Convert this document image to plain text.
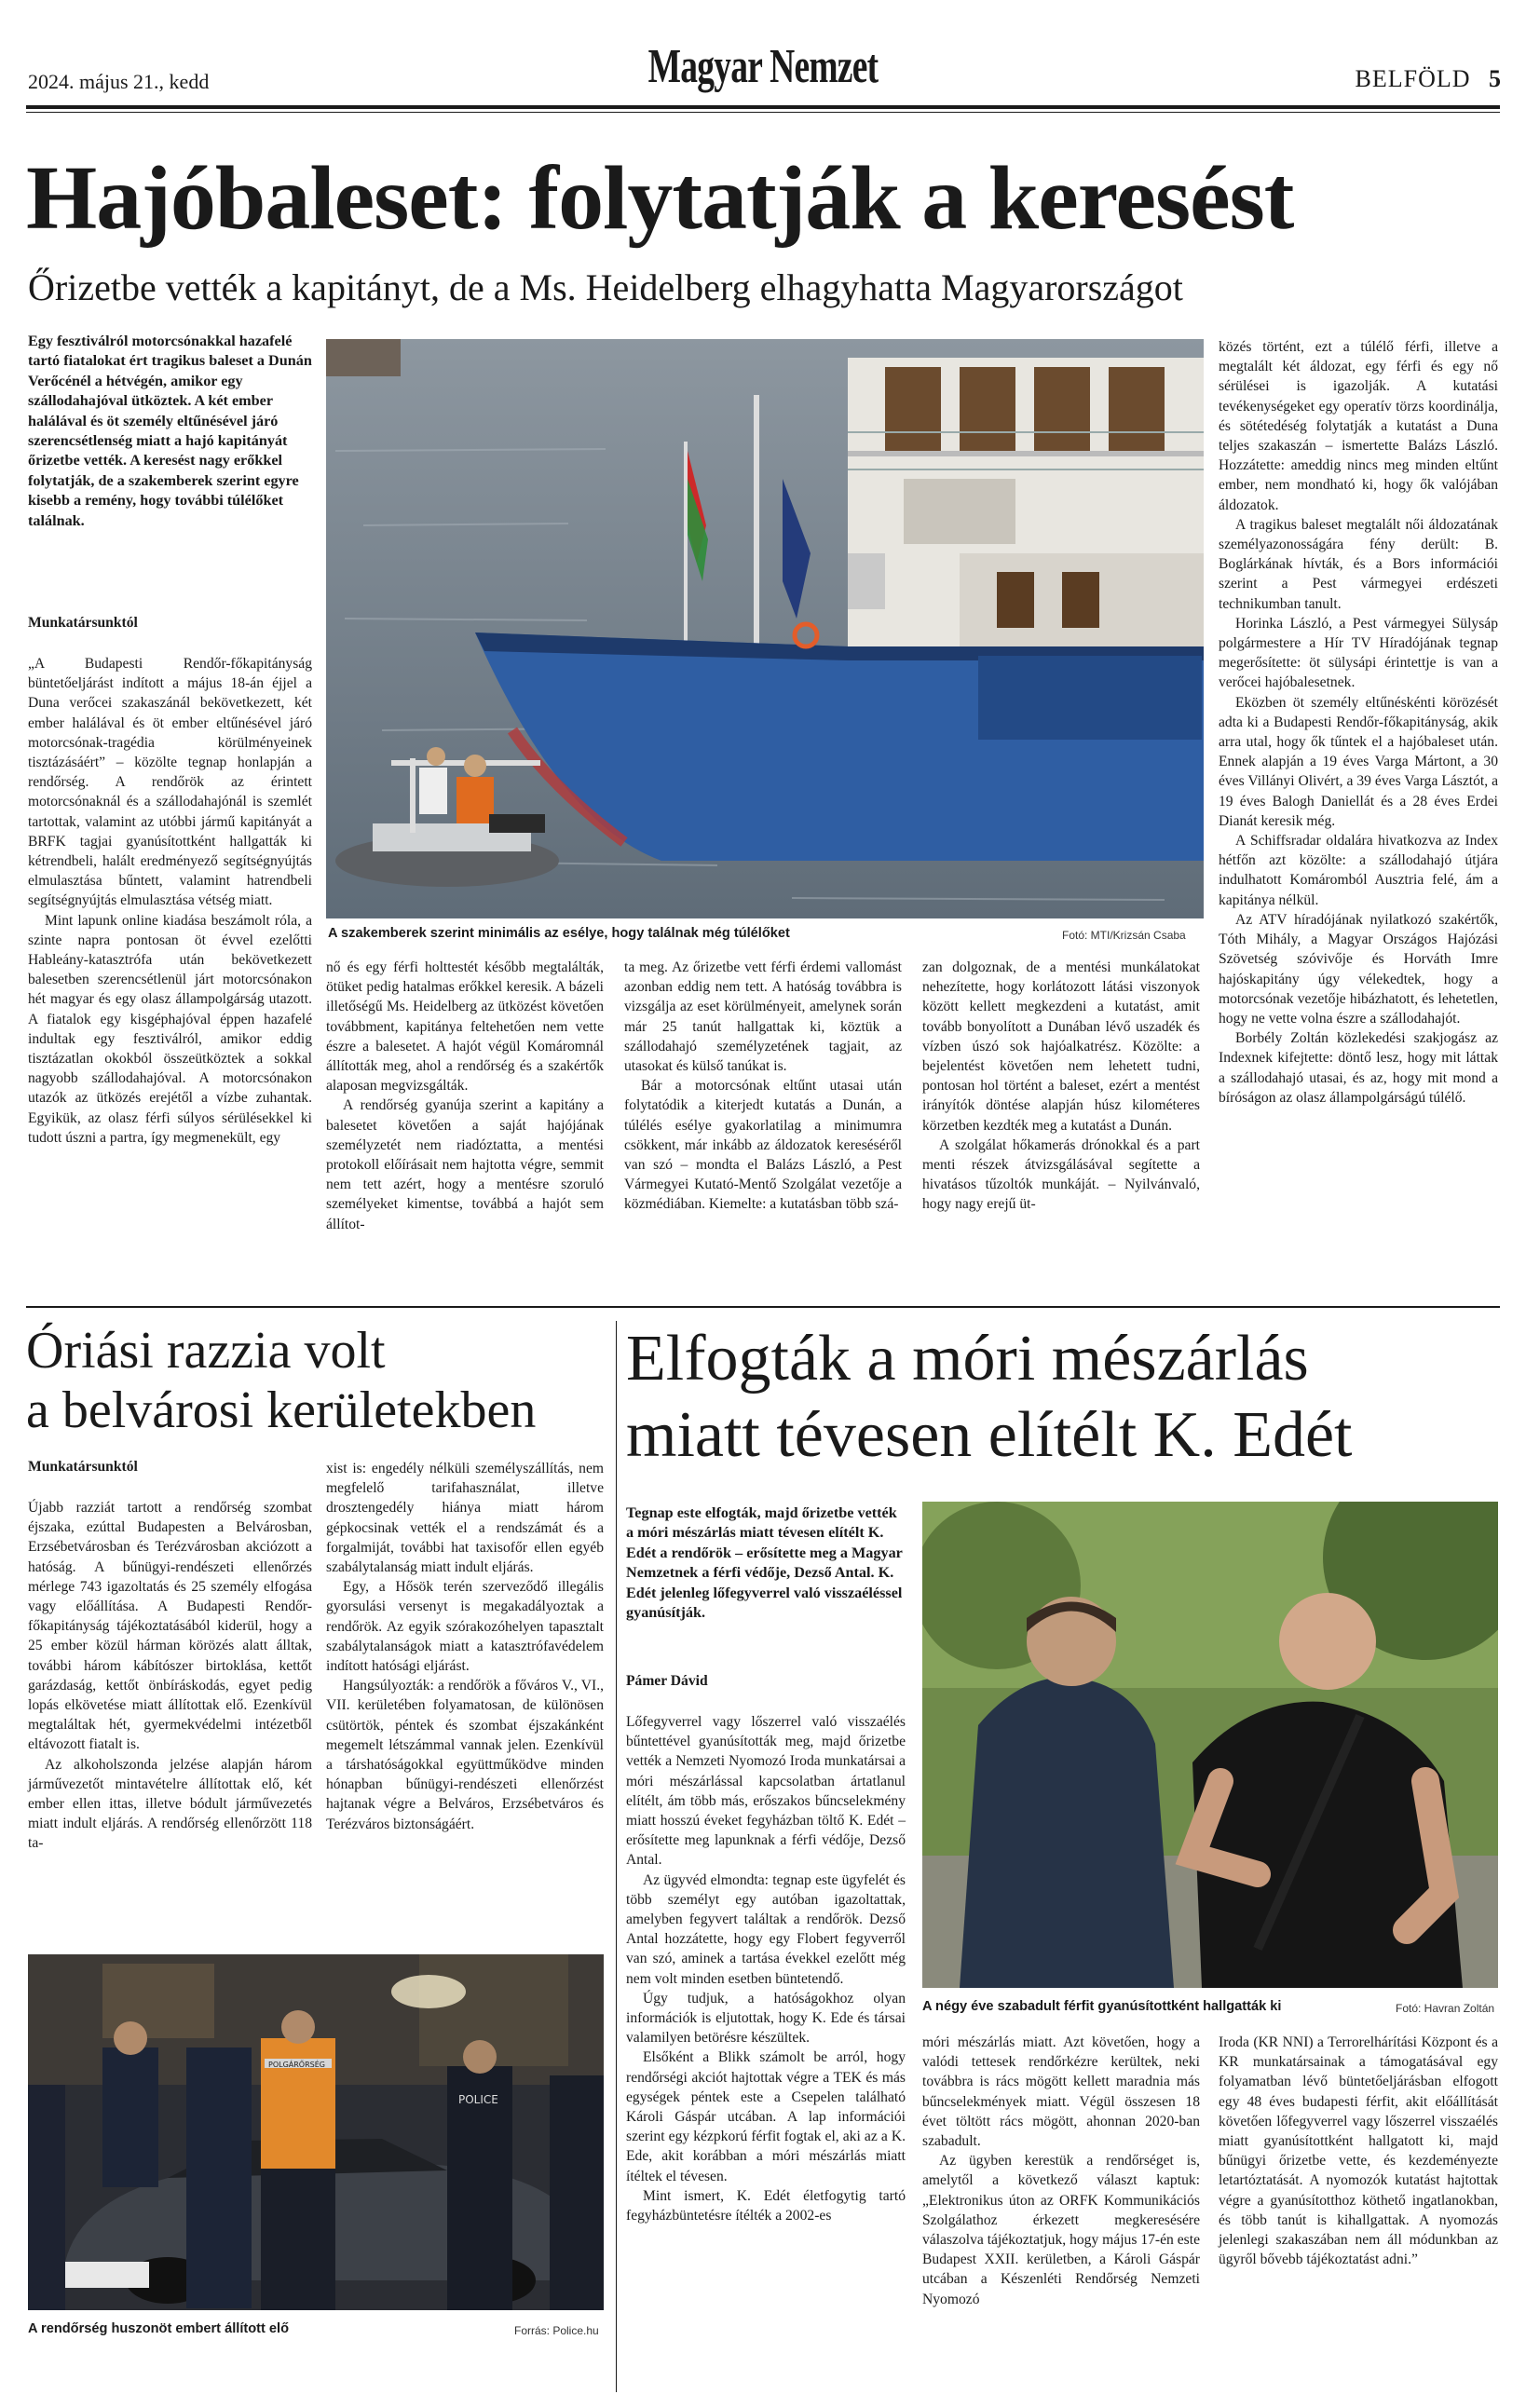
2024. május 21., kedd	Magyar Nemzet	BELFÖLD 5
Hajóbaleset: folytatják a keresést
Őrizetbe vették a kapitányt, de a Ms. Heidelberg elhagyhatta Magyarországot
Egy fesztiválról motorcsónakkal hazafelé tartó fiatalokat ért tragikus baleset a Dunán Verőcénél a hétvégén, amikor egy szállodahajóval ütköztek. A két ember halálával és öt személy eltűnésével járó szerencsétlenség miatt a hajó kapitányát őrizetbe vették. A keresést nagy erőkkel folytatják, de a szakemberek szerint egyre kisebb a remény, hogy további túlélőket találnak.
Munkatársunktól

„A Budapesti Rendőr-főkapitányság büntetőeljárást indított a május 18-án éjjel a Duna verőcei szakaszánál bekövetkezett, két ember halálával és öt ember eltűnésével járó motorcsónak-tragédia körülményeinek tisztázásáért” – közölte tegnap honlapján a rendőrség. A rendőrök az érintett motorcsónaknál és a szállodahajónál is szemlét tartottak, valamint az utóbbi jármű kapitányát a BRFK tagjai gyanúsítottként hallgatták ki kétrendbeli, halált eredményező segítségnyújtás elmulasztása bűntett, valamint hatrendbeli segítségnyújtás elmulasztása vétség miatt.

Mint lapunk online kiadása beszámolt róla, a szinte napra pontosan öt évvel ezelőtti Hableány-katasztrófa után bekövetkezett balesetben szerencsétlenül járt motorcsónakon hét magyar és egy olasz állampolgárság utazott. A fiatalok egy kisgéphajóval éppen hazafelé indultak egy fesztiválról, amikor eddig tisztázatlan okokból összeütköztek a sokkal nagyobb szállodahajóval. A motorcsónakon utazók az ütközés erejétől a vízbe zuhantak. Egyikük, az olasz férfi súlyos sérülésekkel ki tudott úszni a partra, így megmenekült, egy

A szakemberek szerint minimális az esélye, hogy találnak még túlélőket	Fotó: MTI/Krizsán Csaba

nő és egy férfi holttestét később megtalálták, ötüket pedig hatalmas erőkkel keresik. A bázeli illetőségű Ms. Heidelberg az ütközést követően továbbment, kapitánya feltehetően nem vette észre a balesetet. A hajót végül Komáromnál állították meg, ahol a rendőrség és a szakértők alaposan megvizsgálták.

A rendőrség gyanúja szerint a kapitány a balesetet követően a saját hajójának személyzetét nem riadóztatta, a mentési protokoll előírásait nem hajtotta végre, semmit nem tett azért, hogy a mentésre szoruló személyeket kimentse, továbbá a hajót sem állítot-

ta meg. Az őrizetbe vett férfi érdemi vallomást azonban eddig nem tett. A hatóság továbbra is vizsgálja az eset körülményeit, amelynek során már 25 tanút hallgattak ki, köztük a szállodahajó személyzetének tagjait, az utasokat és külső tanúkat is.

Bár a motorcsónak eltűnt utasai után folytatódik a kiterjedt kutatás a Dunán, a túlélés esélye gyakorlatilag a minimumra csökkent, már inkább az áldozatok kereséséről van szó – mondta el Balázs László, a Pest Vármegyei Kutató-Mentő Szolgálat vezetője a közmédiában. Kiemelte: a kutatásban több szá-

zan dolgoznak, de a mentési munkálatokat nehezítette, hogy korlátozott látási viszonyok között kellett megkezdeni a kutatást, amit tovább bonyolított a Dunában lévő uszadék és vízben úszó sok hajóalkatrész. Közölte: a bejelentést követően nem lehetett tudni, pontosan hol történt a baleset, ezért a mentést irányítók döntése alapján húsz kilométeres körzetben kezdték meg a kutatást a Dunán.

A szolgálat hőkamerás drónokkal és a part menti részek átvizsgálásával segítette a hivatásos tűzoltók munkáját. – Nyilvánvaló, hogy nagy erejű üt-

közés történt, ezt a túlélő férfi, illetve a megtalált két áldozat, egy férfi és egy nő sérülései is igazolják. A kutatási tevékenységeket egy operatív törzs koordinálja, és sötétedéség folytatják a kutatást a Duna teljes szakaszán – ismertette Balázs László. Hozzátette: ameddig nincs meg minden eltűnt ember, nem mondható ki, hogy ők valójában áldozatok.

A tragikus baleset megtalált női áldozatának személyazonosságára fény derült: B. Boglárkának hívták, és a Bors információi szerint a Pest vármegyei erdészeti technikumban tanult.

Horinka László, a Pest vármegyei Sülysáp polgármestere a Hír TV Híradójának tegnap megerősítette: öt sülysápi érintettje is van a verőcei hajóbalesetnek.

Eközben öt személy eltűnéskénti körözését adta ki a Budapesti Rendőr-főkapitányság, akik arra utal, hogy ők tűntek el a hajóbaleset után. Ennek alapján a 19 éves Varga Mártont, a 30 éves Villányi Olivért, a 39 éves Varga Lásztót, a 19 éves Balogh Daniellát és a 28 éves Erdei Dianát keresik még.

A Schiffsradar oldalára hivatkozva az Index hétfőn azt közölte: a szállodahajó útjára indulhatott Komáromból Ausztria felé, ám a kapitánya nélkül.

Az ATV híradójának nyilatkozó szakértők, Tóth Mihály, a Magyar Országos Hajózási Szövetség szóvivője és Horváth Imre hajóskapitány úgy vélekedtek, hogy a motorcsónak vezetője hibázhatott, és lehetetlen, hogy ne vette volna észre a szállodahajót.

Borbély Zoltán közlekedési szakjogász az Indexnek kifejtette: döntő lesz, hogy mit láttak a szállodahajó utasai, és az, hogy mit mond a bíróságon az olasz állampolgárságú túlélő.

Óriási razzia volt
a belvárosi kerületekben
Munkatársunktól

Újabb razziát tartott a rendőrség szombat éjszaka, ezúttal Budapesten a Belvárosban, Erzsébetvárosban és Terézvárosban akciózott a hatóság. A bűnügyi-rendészeti ellenőrzés mérlege 743 igazoltatás és 25 személy elfogása vagy előállítása. A Budapesti Rendőr-főkapitányság tájékoztatásából kiderül, hogy a 25 ember közül hárman körözés alatt álltak, további három kábítószer birtoklása, kettőt garázdaság, kettőt önbíráskodás, egyet pedig lopás elkövetése miatt állítottak elő. Ezenkívül megtaláltak hét, gyermekvédelmi intézetből eltávozott fiatalt is.

Az alkoholszonda jelzése alapján három járművezetőt mintavételre állítottak elő, két ember ellen ittas, illetve bódult járművezetés miatt indult eljárás. A rendőrség ellenőrzött 118 ta-

xist is: engedély nélküli személyszállítás, nem megfelelő tarifahasználat, illetve drosztengedély hiánya miatt három gépkocsinak vették el a rendszámát és a forgalmiját, további hat taxisofőr ellen egyéb szabálytalanság miatt indult eljárás.

Egy, a Hősök terén szerveződő illegális gyorsulási versenyt is megakadályoztak a rendőrök. Az egyik szórakozóhelyen tapasztalt szabálytalanságok miatt a katasztrófavédelem indított hatósági eljárást.

Hangsúlyozták: a rendőrök a főváros V., VI., VII. kerületében folyamatosan, de különösen csütörtök, péntek és szombat éjszakánként megemelt létszámmal vannak jelen. Ezenkívül a társhatóságokkal együttműködve minden hónapban bűnügyi-rendészeti ellenőrzést hajtanak végre a Belváros, Erzsébetváros és Terézváros biztonságáért.

POLGÁRŐRSÉG
POLICE
A rendőrség huszonöt embert állított elő	Forrás: Police.hu
Elfogták a móri mészárlás
miatt tévesen elítélt K. Edét
Tegnap este elfogták, majd őrizetbe vették a móri mészárlás miatt tévesen elítélt K. Edét a rendőrök – erősítette meg a Magyar Nemzetnek a férfi védője, Dezső Antal. K. Edét jelenleg lőfegyverrel való visszaéléssel gyanúsítják.
Pámer Dávid

Lőfegyverrel vagy lőszerrel való visszaélés bűntettével gyanúsították meg, majd őrizetbe vették a Nemzeti Nyomozó Iroda munkatársai a móri mészárlással kapcsolatban ártatlanul elítélt, ám több más, erőszakos bűncselekmény miatt hosszú éveket fegyházban töltő K. Edét – erősítette meg lapunknak a férfi védője, Dezső Antal.

Az ügyvéd elmondta: tegnap este ügyfelét és több személyt egy autóban igazoltattak, amelyben fegyvert találtak a rendőrök. Dezső Antal hozzátette, hogy egy Flobert fegyverről van szó, aminek a tartása évekkel ezelőtt még nem volt minden esetben büntetendő.

Úgy tudjuk, a hatóságokhoz olyan információk is eljutottak, hogy K. Ede és társai valamilyen betörésre készültek.

Elsőként a Blikk számolt be arról, hogy rendőrségi akciót hajtottak végre a TEK és más egységek péntek este a Csepelen található Károli Gáspár utcában. A lap információi szerint egy kézpkorú férfit fogtak el, aki az a K. Ede, akit korábban a móri mészárlás miatt ítéltek el tévesen.

Mint ismert, K. Edét életfogytig tartó fegyházbüntetésre ítélték a 2002-es

A négy éve szabadult férfit gyanúsítottként hallgatták ki	Fotó: Havran Zoltán

móri mészárlás miatt. Azt követően, hogy a valódi tettesek rendőrkézre kerültek, neki továbbra is rács mögött kellett maradnia más bűncselekmények miatt. Végül összesen 18 évet töltött rács mögött, ahonnan 2020-ban szabadult.

Az ügyben kerestük a rendőrséget is, amelytől a következő választ kaptuk: „Elektronikus úton az ORFK Kommunikációs Szolgálathoz érkezett megkeresésére válaszolva tájékoztatjuk, hogy május 17-én este Budapest XXII. kerületben, a Károli Gáspár utcában a Készenléti Rendőrség Nemzeti Nyomozó

Iroda (KR NNI) a Terrorelhárítási Központ és a KR munkatársainak a támogatásával egy folyamatban lévő büntetőeljárásban elfogott egy 48 éves budapesti férfit, akit előállítását követően lőfegyverrel vagy lőszerrel visszaélés miatt gyanúsítottként hallgatott ki, majd bűnügyi őrizetbe vette, és kezdeményezte letartóztatását. A nyomozók kutatást hajtottak végre a gyanúsítotthoz köthető ingatlanokban, és több tanút is kihallgattak. A nyomozás jelenlegi szakaszában nem áll módunkban az ügyről bővebb tájékoztatást adni.”
